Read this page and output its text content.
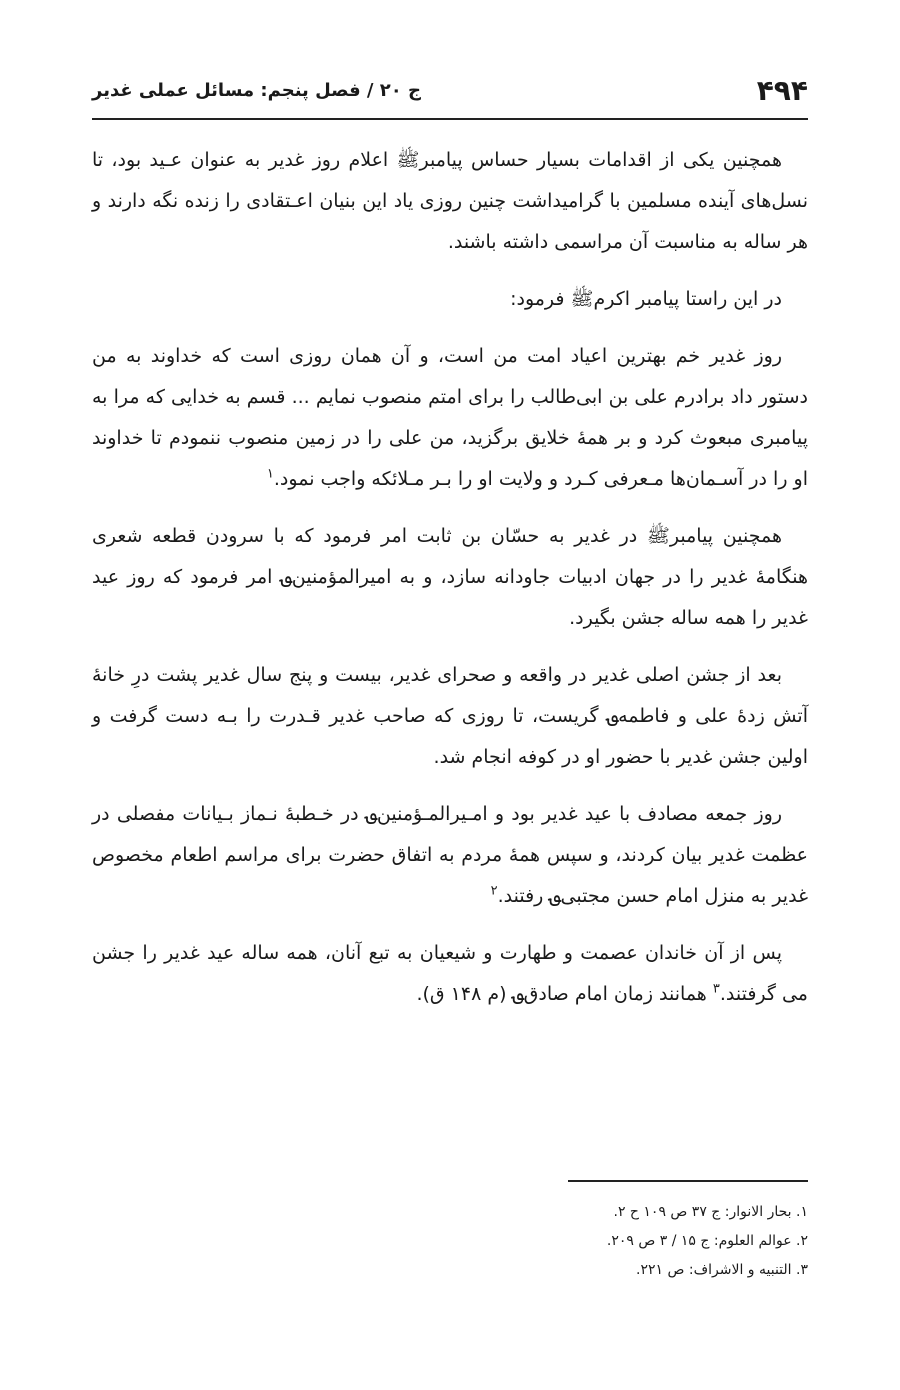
۴۹۴
ج ۲۰ / فصل پنجم: مسائل عملی غدیر

همچنین یکی از اقدامات بسیار حساس پیامبرﷺ اعلام روز غدیر به عنوان عـید بود، تا نسل‌های آینده مسلمین با گرامیداشت چنین روزی یاد این بنیان اعـتقادی را زنده نگه دارند و هر ساله به مناسبت آن مراسمی داشته باشند.

در این راستا پیامبر اکرمﷺ فرمود:

روز غدیر خم بهترین اعیاد امت من است، و آن همان روزی است که خداوند به من دستور داد برادرم علی بن ابی‌طالب را برای امتم منصوب نمایم ... قسم به خدایی که مرا به پیامبری مبعوث کرد و بر همهٔ خلایق برگزید، من علی را در زمین منصوب ننمودم تا خداوند او را در آسـمان‌ها مـعرفی کـرد و ولایت او را بـر مـلائکه واجب نمود.$^۱$

همچنین پیامبرﷺ در غدیر به حسّان بن ثابت امر فرمود که با سرودن قطعه شعری هنگامهٔ غدیر را در جهان ادبیات جاودانه سازد، و به امیرالمؤمنین؈ امر فرمود که روز عید غدیر را همه ساله جشن بگیرد.

بعد از جشن اصلی غدیر در واقعه و صحرای غدیر، بیست و پنج سال غدیر پشت درِ خانهٔ آتش زدهٔ علی و فاطمه؈ گریست، تا روزی که صاحب غدیر قـدرت را بـه دست گرفت و اولین جشن غدیر با حضور او در کوفه انجام شد.

روز جمعه مصادف با عید غدیر بود و امـیرالمـؤمنین؈ در خـطبهٔ نـماز بـیانات مفصلی در عظمت غدیر بیان کردند، و سپس همهٔ مردم به اتفاق حضرت برای مراسم اطعام مخصوص غدیر به منزل امام حسن مجتبی؈ رفتند.$^۲$

پس از آن خاندان عصمت و طهارت و شیعیان به تبع آنان، همه ساله عید غدیر را جشن می گرفتند.$^۳$ همانند زمان امام صادق؈ (م ۱۴۸ ق).

۱. بحار الانوار: ج ۳۷ ص ۱۰۹ ح ۲.

۲. عوالم العلوم: ج ۱۵ / ۳ ص ۲۰۹.

۳. التنبیه و الاشراف: ص ۲۲۱.
